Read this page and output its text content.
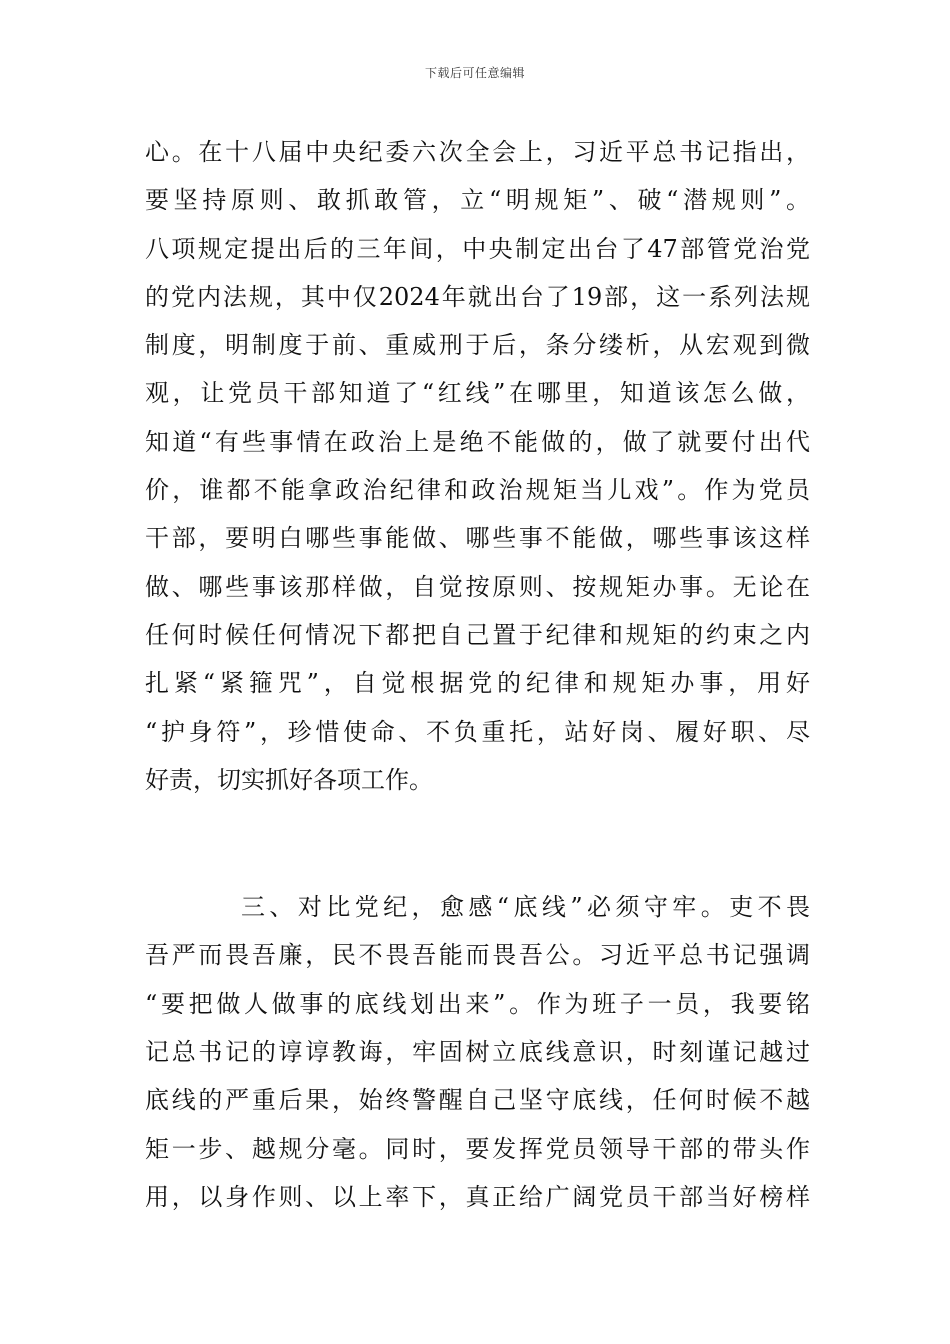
下载后可任意编辑
心。在十八届中央纪委六次全会上，习近平总书记指出，
要坚持原则、敢抓敢管，立“明规矩”、破“潜规则”。
八项规定提出后的三年间，中央制定出台了47部管党治党
的党内法规，其中仅2024年就出台了19部，这一系列法规
制度，明制度于前、重威刑于后，条分缕析，从宏观到微
观，让党员干部知道了“红线”在哪里，知道该怎么做，
知道“有些事情在政治上是绝不能做的，做了就要付出代
价，谁都不能拿政治纪律和政治规矩当儿戏”。作为党员
干部，要明白哪些事能做、哪些事不能做，哪些事该这样
做、哪些事该那样做，自觉按原则、按规矩办事。无论在
任何时候任何情况下都把自己置于纪律和规矩的约束之内
扎紧“紧箍咒”，自觉根据党的纪律和规矩办事，用好
“护身符”，珍惜使命、不负重托，站好岗、履好职、尽
好责，切实抓好各项工作。
三、对比党纪，愈感“底线”必须守牢。吏不畏
吾严而畏吾廉，民不畏吾能而畏吾公。习近平总书记强调
“要把做人做事的底线划出来”。作为班子一员，我要铭
记总书记的谆谆教诲，牢固树立底线意识，时刻谨记越过
底线的严重后果，始终警醒自己坚守底线，任何时候不越
矩一步、越规分毫。同时，要发挥党员领导干部的带头作
用，以身作则、以上率下，真正给广阔党员干部当好榜样
